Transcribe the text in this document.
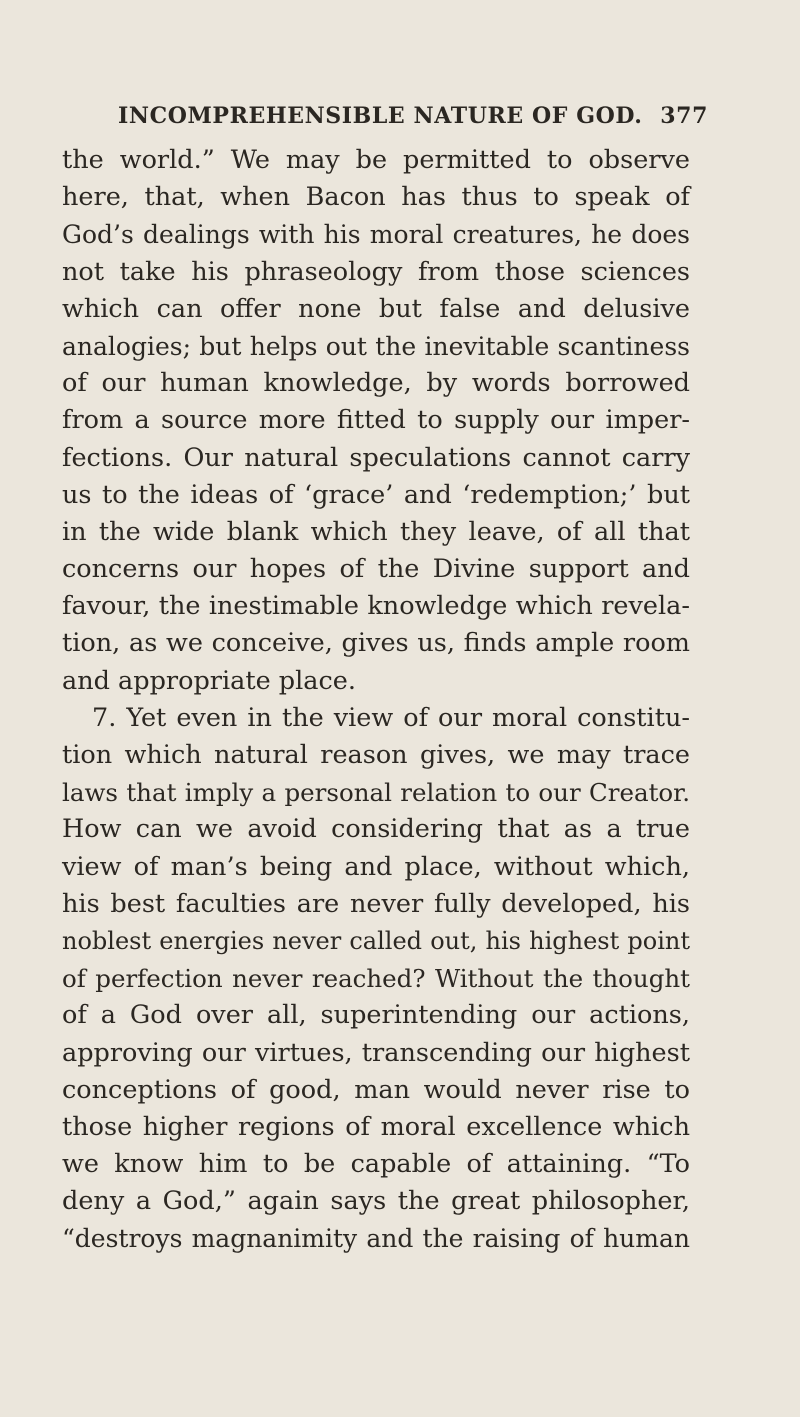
INCOMPREHENSIBLE NATURE OF GOD. 377
the world.” We may be permitted to observe
here, that, when Bacon has thus to speak of
God’s dealings with his moral creatures, he does
not take his phraseology from those sciences
which can offer none but false and delusive
analogies; but helps out the inevitable scantiness
of our human knowledge, by words borrowed
from a source more fitted to supply our imper-
fections. Our natural speculations cannot carry
us to the ideas of ‘grace’ and ‘redemption;’ but
in the wide blank which they leave, of all that
concerns our hopes of the Divine support and
favour, the inestimable knowledge which revela-
tion, as we conceive, gives us, finds ample room
and appropriate place.
7. Yet even in the view of our moral constitu-
tion which natural reason gives, we may trace
laws that imply a personal relation to our Creator.
How can we avoid considering that as a true
view of man’s being and place, without which,
his best faculties are never fully developed, his
noblest energies never called out, his highest point
of perfection never reached? Without the thought
of a God over all, superintending our actions,
approving our virtues, transcending our highest
conceptions of good, man would never rise to
those higher regions of moral excellence which
we know him to be capable of attaining. “To
deny a God,” again says the great philosopher,
“destroys magnanimity and the raising of human
